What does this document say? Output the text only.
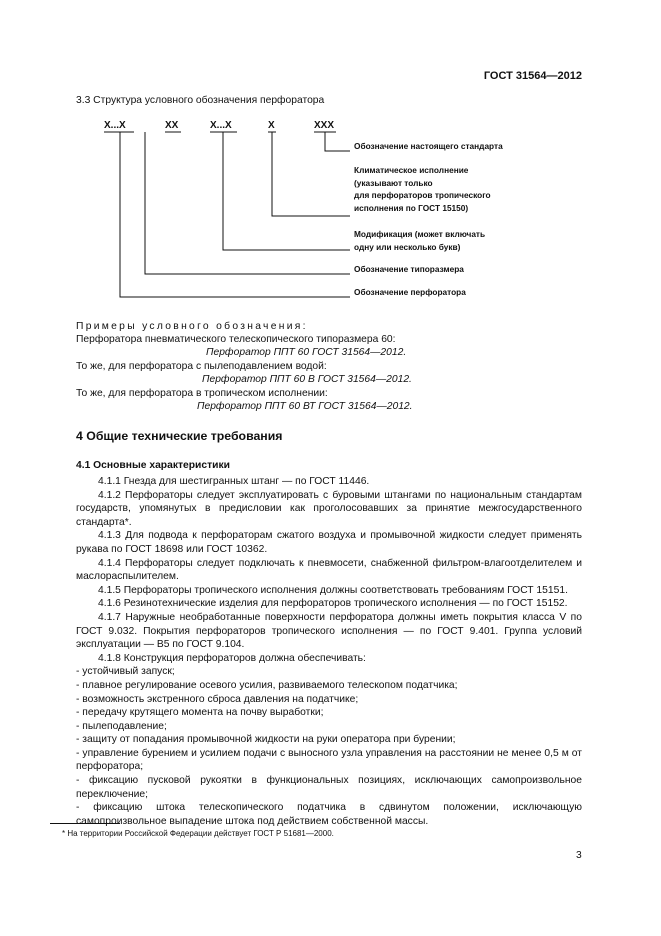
ГОСТ 31564—2012
3.3 Структура условного обозначения перфоратора
Х...Х	ХХ	Х...Х	Х	ХХХ
Обозначение настоящего стандарта
Климатическое исполнение
(указывают только
для перфораторов тропического
исполнения по ГОСТ 15150)
Модификация (может включать
одну или несколько букв)
Обозначение типоразмера
Обозначение перфоратора
Примеры условного обозначения:
Перфоратора пневматического телескопического типоразмера 60:
Перфоратор ППТ 60 ГОСТ 31564—2012.
То же, для перфоратора с пылеподавлением водой:
Перфоратор ППТ 60 В ГОСТ 31564—2012.
То же, для перфоратора в тропическом исполнении:
Перфоратор ППТ 60 ВТ ГОСТ 31564—2012.
4 Общие технические требования
4.1 Основные характеристики

4.1.1 Гнезда для шестигранных штанг — по ГОСТ 11446.

4.1.2 Перфораторы следует эксплуатировать с буровыми штангами по национальным стандартам государств, упомянутых в предисловии как проголосовавших за принятие межгосударственного стандарта*.

4.1.3 Для подвода к перфораторам сжатого воздуха и промывочной жидкости следует применять рукава по ГОСТ 18698 или ГОСТ 10362.

4.1.4 Перфораторы следует подключать к пневмосети, снабженной фильтром-влагоотделителем и маслораспылителем.

4.1.5 Перфораторы тропического исполнения должны соответствовать требованиям ГОСТ 15151.

4.1.6 Резинотехнические изделия для перфораторов тропического исполнения — по ГОСТ 15152.

4.1.7 Наружные необработанные поверхности перфоратора должны иметь покрытия класса V по ГОСТ 9.032. Покрытия перфораторов тропического исполнения — по ГОСТ 9.401. Группа условий эксплуатации — В5 по ГОСТ 9.104.

4.1.8 Конструкция перфораторов должна обеспечивать:

- устойчивый запуск;

- плавное регулирование осевого усилия, развиваемого телескопом податчика;

- возможность экстренного сброса давления на податчике;

- передачу крутящего момента на почву выработки;

- пылеподавление;

- защиту от попадания промывочной жидкости на руки оператора при бурении;

- управление бурением и усилием подачи с выносного узла управления на расстоянии не менее 0,5 м от перфоратора;

- фиксацию пусковой рукоятки в функциональных позициях, исключающих самопроизвольное переключение;

- фиксацию штока телескопического податчика в сдвинутом положении, исключающую самопроизвольное выпадение штока под действием собственной массы.

* На территории Российской Федерации действует ГОСТ Р 51681—2000.
3
